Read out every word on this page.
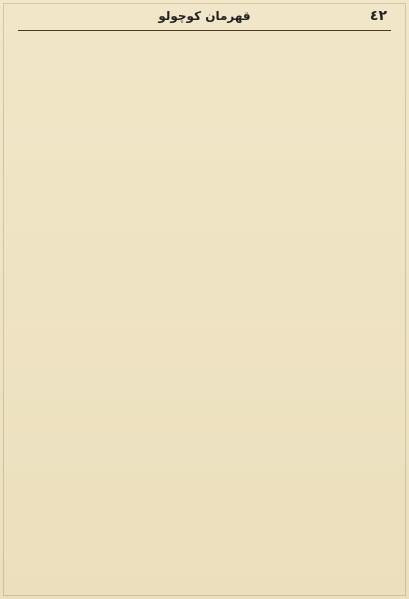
٤٢
قهرمان کوچولو
